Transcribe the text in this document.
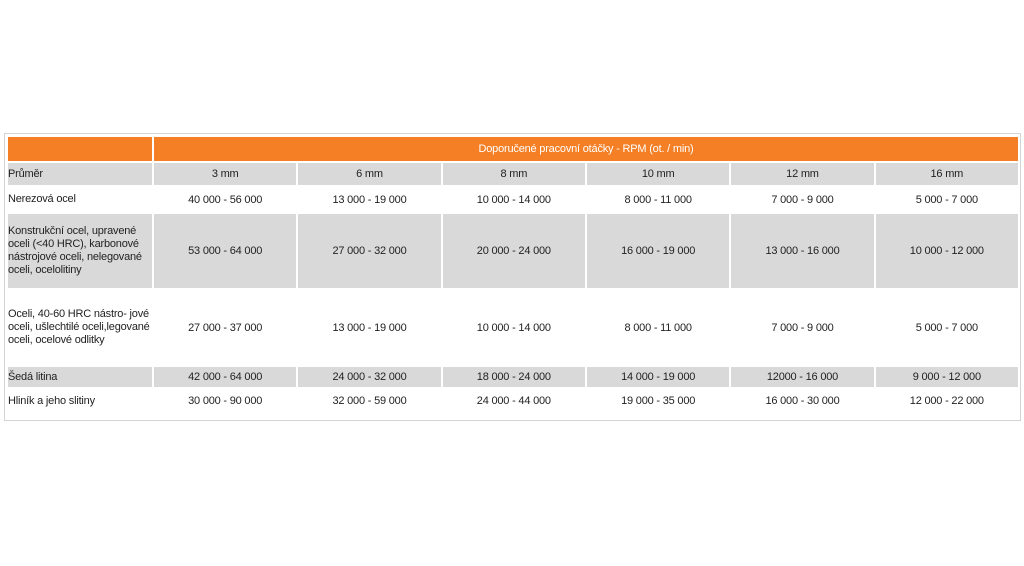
	Doporučené pracovní otáčky - RPM (ot. / min)					
Průměr	3 mm	6 mm	8 mm	10 mm	12 mm	16 mm
Nerezová ocel	40 000 - 56 000	13 000 - 19 000	10 000 - 14 000	8 000 - 11 000	7 000 - 9 000	5 000 - 7 000
Konstrukční ocel, upravené oceli (<40 HRC), karbonové nástrojové oceli, nelegované oceli, ocelolitiny	53 000 - 64 000	27 000 - 32 000	20 000 - 24 000	16 000 - 19 000	13 000 - 16 000	10 000 - 12 000
Oceli, 40-60 HRC nástro- jové oceli, ušlechtilé oceli,legované oceli, ocelové odlitky	27 000 - 37 000	13 000 - 19 000	10 000 - 14 000	8 000 - 11 000	7 000 - 9 000	5 000 - 7 000
Šedá litina	42 000 - 64 000	24 000 - 32 000	18 000 - 24 000	14 000 - 19 000	12000 - 16 000	9 000 - 12 000
Hliník a jeho slitiny	30 000 - 90 000	32 000 - 59 000	24 000 - 44 000	19 000 - 35 000	16 000 - 30 000	12 000 - 22 000
